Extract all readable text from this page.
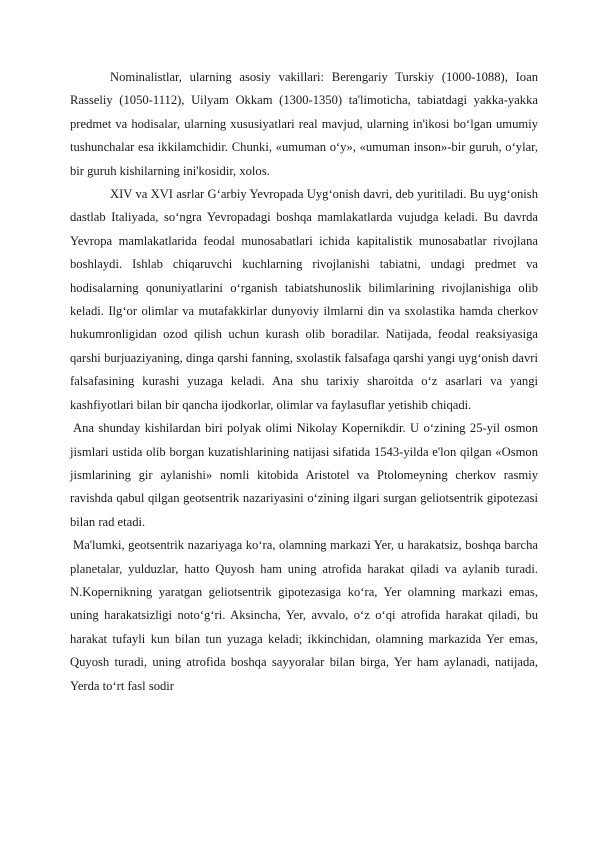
Nominalistlar, ularning asosiy vakillari: Berengariy Turskiy (1000-1088), Ioan Rasseliy (1050-1112), Uilyam Okkam (1300-1350) ta'limoticha, tabiatdagi yakka-yakka predmet va hodisalar, ularning xususiyatlari real mavjud, ularning in'ikosi bo‘lgan umumiy tushunchalar esa ikkilamchidir. Chunki, «umuman o‘y», «umuman inson»-bir guruh, o‘ylar, bir guruh kishilarning ini'kosidir, xolos.

XIV va XVI asrlar G‘arbiy Yevropada Uyg‘onish davri, deb yuritiladi. Bu uyg‘onish dastlab Italiyada, so‘ngra Yevropadagi boshqa mamlakatlarda vujudga keladi. Bu davrda Yevropa mamlakatlarida feodal munosabatlari ichida kapitalistik munosabatlar rivojlana boshlaydi. Ishlab chiqaruvchi kuchlarning rivojlanishi tabiatni, undagi predmet va hodisalarning qonuniyatlarini o‘rganish tabiatshunoslik bilimlarining rivojlanishiga olib keladi. Ilg‘or olimlar va mutafakkirlar dunyoviy ilmlarni din va sxolastika hamda cherkov hukumronligidan ozod qilish uchun kurash olib boradilar. Natijada, feodal reaksiyasiga qarshi burjuaziyaning, dinga qarshi fanning, sxolastik falsafaga qarshi yangi uyg‘onish davri falsafasining kurashi yuzaga keladi. Ana shu tarixiy sharoitda o‘z asarlari va yangi kashfiyotlari bilan bir qancha ijodkorlar, olimlar va faylasuflar yetishib chiqadi.

Ana shunday kishilardan biri polyak olimi Nikolay Kopernikdir. U o‘zining 25-yil osmon jismlari ustida olib borgan kuzatishlarining natijasi sifatida 1543-yilda e'lon qilgan «Osmon jismlarining gir aylanishi» nomli kitobida Aristotel va Ptolomeyning cherkov rasmiy ravishda qabul qilgan geotsentrik nazariyasini o‘zining ilgari surgan geliotsentrik gipotezasi bilan rad etadi.

Ma'lumki, geotsentrik nazariyaga ko‘ra, olamning markazi Yer, u harakatsiz, boshqa barcha planetalar, yulduzlar, hatto Quyosh ham uning atrofida harakat qiladi va aylanib turadi. N.Kopernikning yaratgan geliotsentrik gipotezasiga ko‘ra, Yer olamning markazi emas, uning harakatsizligi noto‘g‘ri. Aksincha, Yer, avvalo, o‘z o‘qi atrofida harakat qiladi, bu harakat tufayli kun bilan tun yuzaga keladi; ikkinchidan, olamning markazida Yer emas, Quyosh turadi, uning atrofida boshqa sayyoralar bilan birga, Yer ham aylanadi, natijada, Yerda to‘rt fasl sodir
